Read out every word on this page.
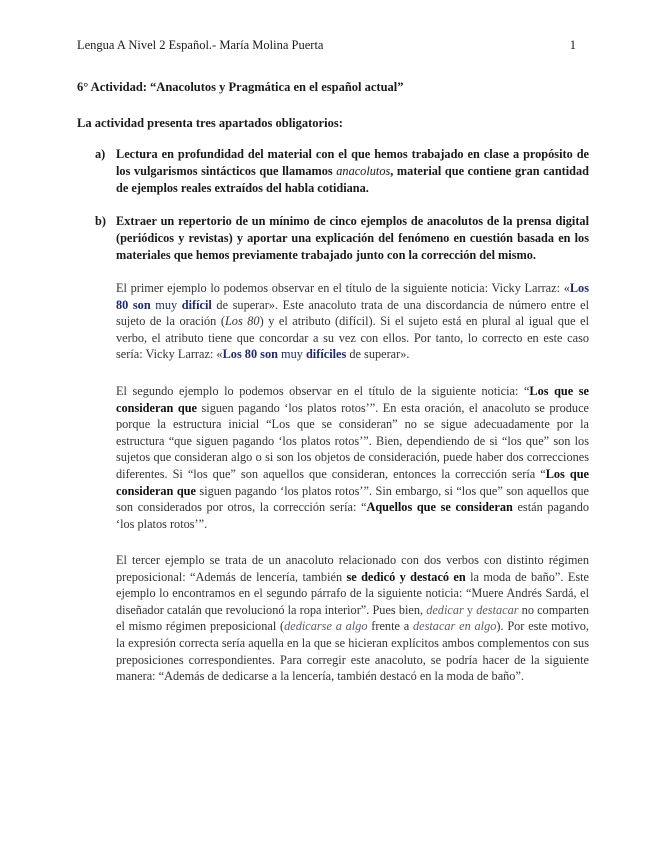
Lengua A Nivel 2 Español.- María Molina Puerta	1
6° Actividad: “Anacolutos y Pragmática en el español actual”
La actividad presenta tres apartados obligatorios:
a) Lectura en profundidad del material con el que hemos trabajado en clase a propósito de los vulgarismos sintácticos que llamamos anacolutos, material que contiene gran cantidad de ejemplos reales extraídos del habla cotidiana.
b) Extraer un repertorio de un mínimo de cinco ejemplos de anacolutos de la prensa digital (periódicos y revistas) y aportar una explicación del fenómeno en cuestión basada en los materiales que hemos previamente trabajado junto con la corrección del mismo.
El primer ejemplo lo podemos observar en el título de la siguiente noticia: Vicky Larraz: «Los 80 son muy difícil de superar». Este anacoluto trata de una discordancia de número entre el sujeto de la oración (Los 80) y el atributo (difícil). Si el sujeto está en plural al igual que el verbo, el atributo tiene que concordar a su vez con ellos. Por tanto, lo correcto en este caso sería: Vicky Larraz: «Los 80 son muy difíciles de superar».
El segundo ejemplo lo podemos observar en el título de la siguiente noticia: “Los que se consideran que siguen pagando ‘los platos rotos’”. En esta oración, el anacoluto se produce porque la estructura inicial “Los que se consideran” no se sigue adecuadamente por la estructura “que siguen pagando ‘los platos rotos’”. Bien, dependiendo de si “los que” son los sujetos que consideran algo o si son los objetos de consideración, puede haber dos correcciones diferentes. Si “los que” son aquellos que consideran, entonces la corrección sería “Los que consideran que siguen pagando ‘los platos rotos’”. Sin embargo, si “los que” son aquellos que son considerados por otros, la corrección sería: “Aquellos que se consideran están pagando ‘los platos rotos’”.
El tercer ejemplo se trata de un anacoluto relacionado con dos verbos con distinto régimen preposicional: “Además de lencería, también se dedicó y destacó en la moda de baño”. Este ejemplo lo encontramos en el segundo párrafo de la siguiente noticia: “Muere Andrés Sardá, el diseñador catalán que revolucionó la ropa interior”. Pues bien, dedicar y destacar no comparten el mismo régimen preposicional (dedicarse a algo frente a destacar en algo). Por este motivo, la expresión correcta sería aquella en la que se hicieran explícitos ambos complementos con sus preposiciones correspondientes. Para corregir este anacoluto, se podría hacer de la siguiente manera: “Además de dedicarse a la lencería, también destacó en la moda de baño”.
